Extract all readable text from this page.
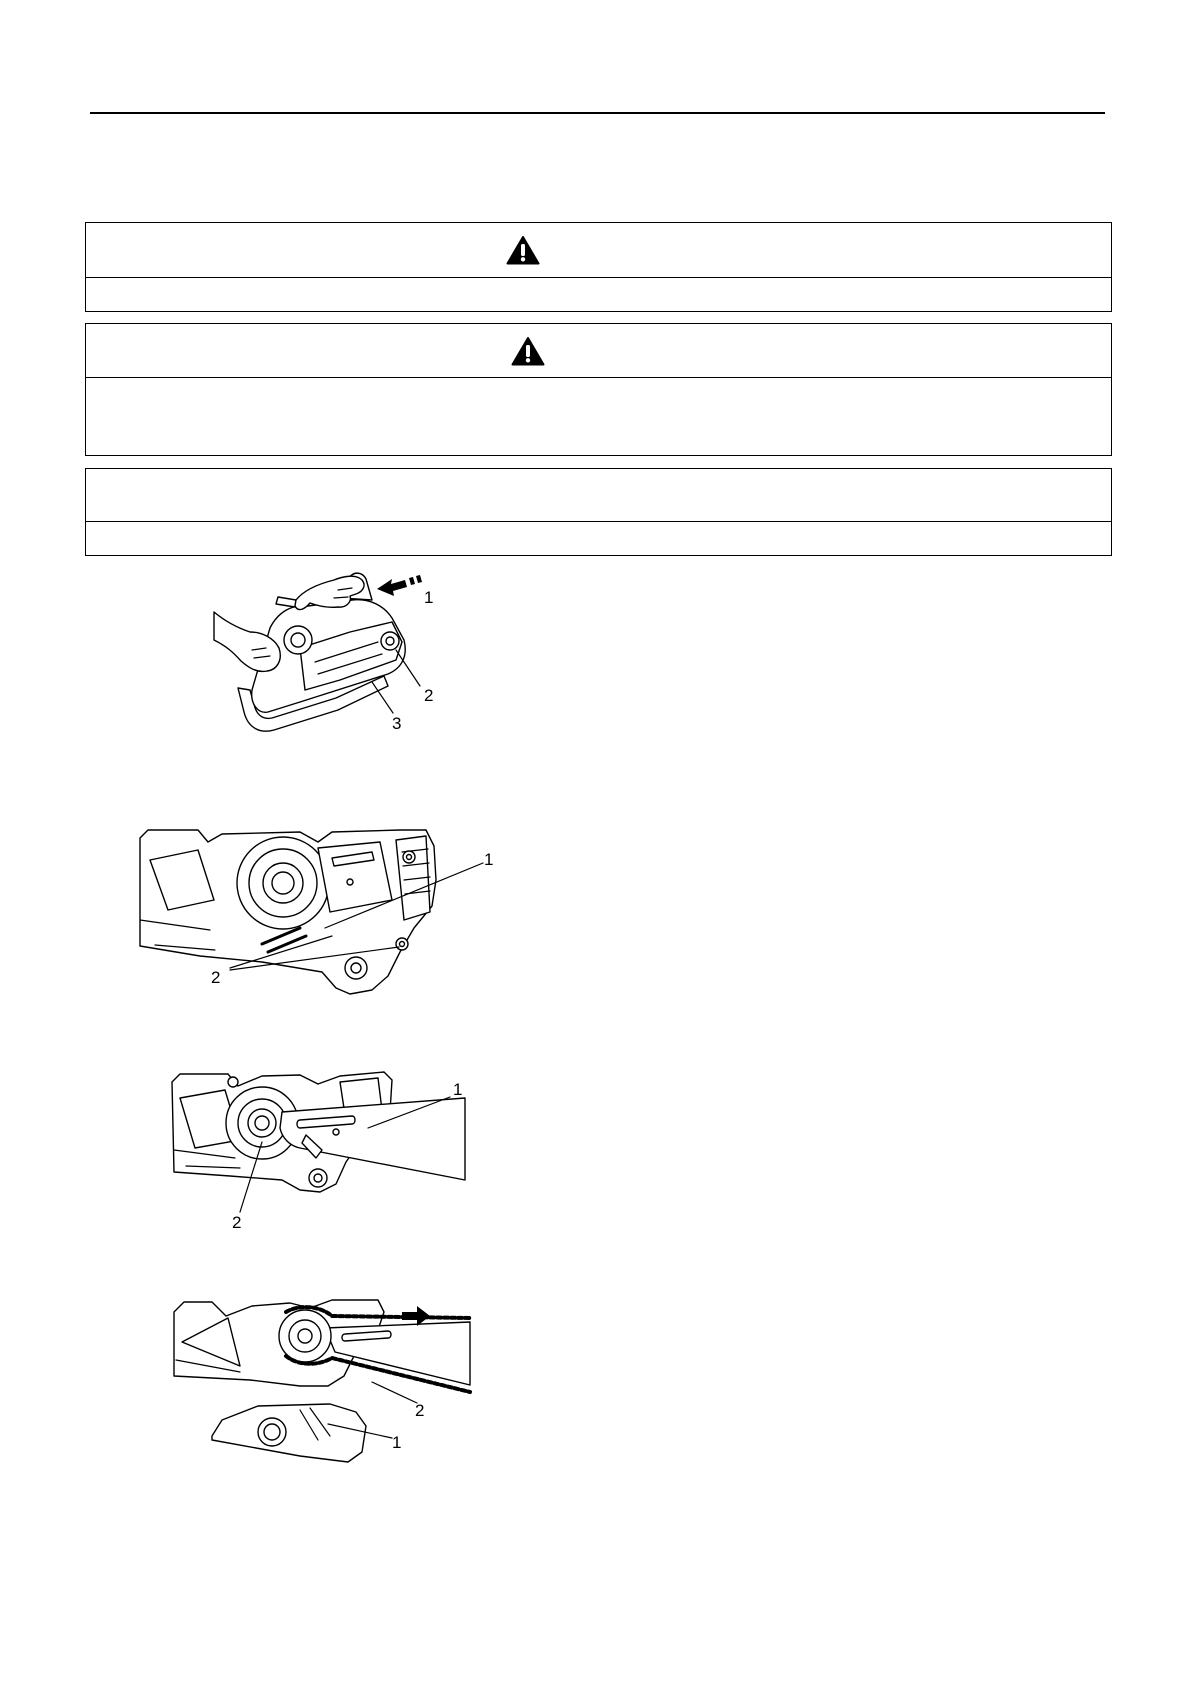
1
2
3
1
2
1
2
2
1
